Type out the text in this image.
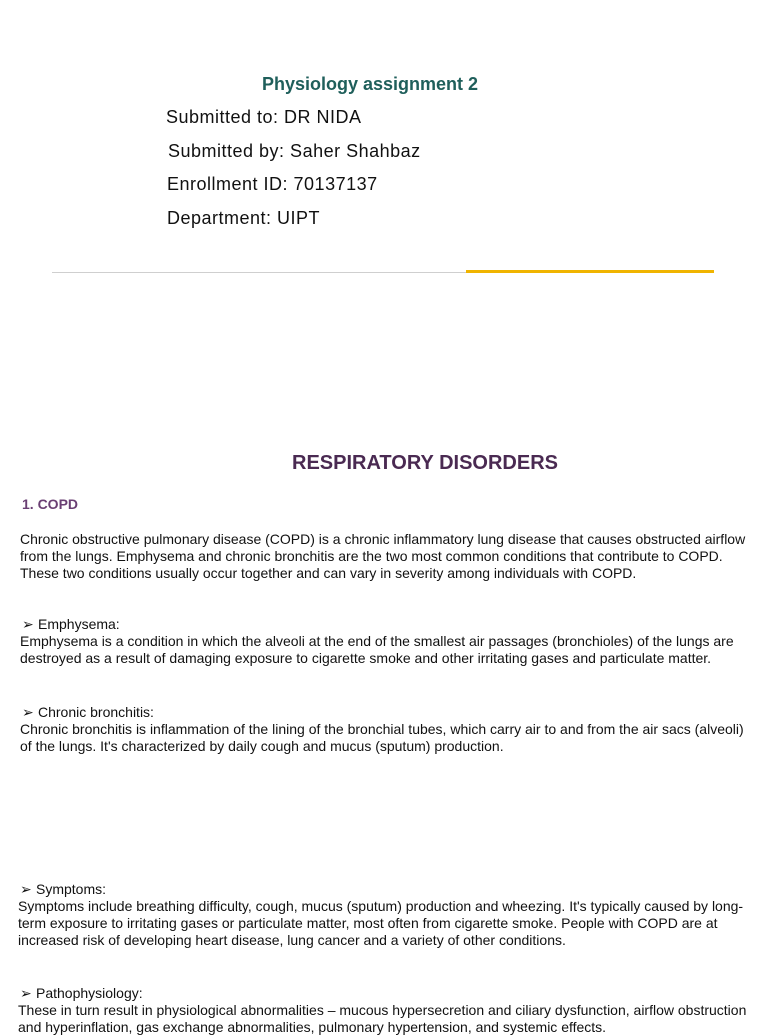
Physiology assignment 2
Submitted to: DR NIDA
Submitted by: Saher Shahbaz
Enrollment ID: 70137137
Department: UIPT
RESPIRATORY DISORDERS
1. COPD
Chronic obstructive pulmonary disease (COPD) is a chronic inflammatory lung disease that causes obstructed airflow from the lungs. Emphysema and chronic bronchitis are the two most common conditions that contribute to COPD. These two conditions usually occur together and can vary in severity among individuals with COPD.
➢ Emphysema:
Emphysema is a condition in which the alveoli at the end of the smallest air passages (bronchioles) of the lungs are destroyed as a result of damaging exposure to cigarette smoke and other irritating gases and particulate matter.
➢ Chronic bronchitis:
Chronic bronchitis is inflammation of the lining of the bronchial tubes, which carry air to and from the air sacs (alveoli) of the lungs. It's characterized by daily cough and mucus (sputum) production.
➢ Symptoms:
Symptoms include breathing difficulty, cough, mucus (sputum) production and wheezing. It's typically caused by long-term exposure to irritating gases or particulate matter, most often from cigarette smoke. People with COPD are at increased risk of developing heart disease, lung cancer and a variety of other conditions.
➢ Pathophysiology:
These in turn result in physiological abnormalities – mucous hypersecretion and ciliary dysfunction, airflow obstruction and hyperinflation, gas exchange abnormalities, pulmonary hypertension, and systemic effects.
